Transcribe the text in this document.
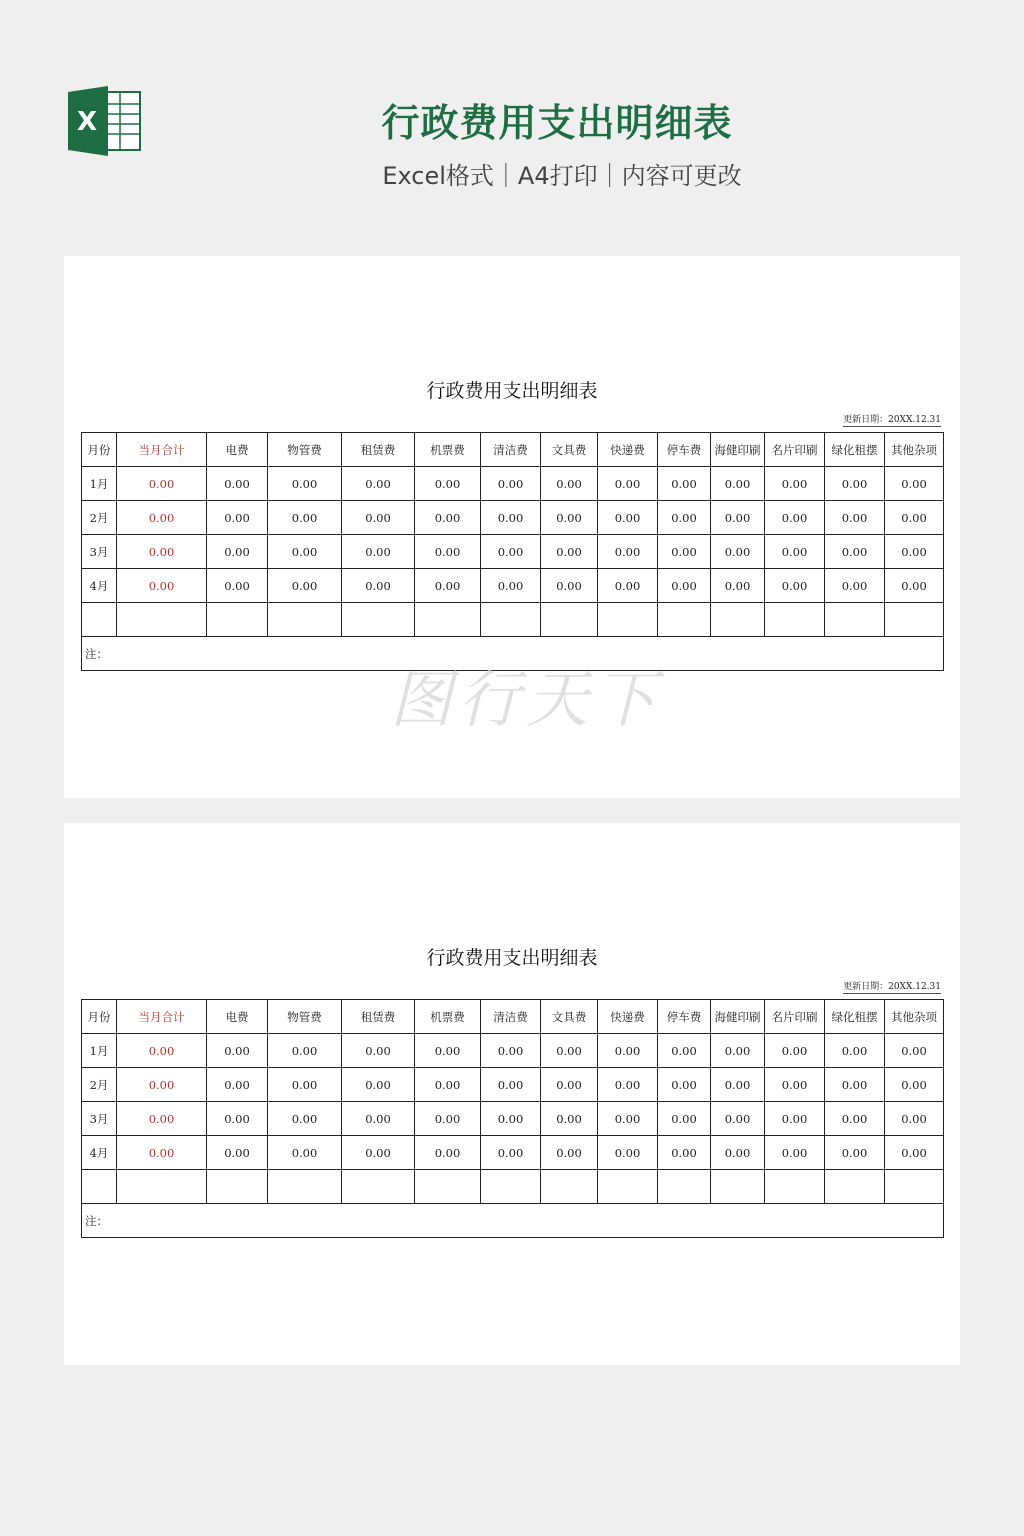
X	行政费用支出明细表
Excel格式｜A4打印｜内容可更改
行政费用支出明细表
更新日期：20XX.12.31
月份	当月合计	电费	物管费	租赁费	机票费	清洁费	文具费	快递费	停车费	海健印刷	名片印刷	绿化租摆	其他杂项
1月	0.00	0.00	0.00	0.00	0.00	0.00	0.00	0.00	0.00	0.00	0.00	0.00	0.00
2月	0.00	0.00	0.00	0.00	0.00	0.00	0.00	0.00	0.00	0.00	0.00	0.00	0.00
3月	0.00	0.00	0.00	0.00	0.00	0.00	0.00	0.00	0.00	0.00	0.00	0.00	0.00
4月	0.00	0.00	0.00	0.00	0.00	0.00	0.00	0.00	0.00	0.00	0.00	0.00	0.00

注：													
行政费用支出明细表
更新日期：20XX.12.31
月份	当月合计	电费	物管费	租赁费	机票费	清洁费	文具费	快递费	停车费	海健印刷	名片印刷	绿化租摆	其他杂项
1月	0.00	0.00	0.00	0.00	0.00	0.00	0.00	0.00	0.00	0.00	0.00	0.00	0.00
2月	0.00	0.00	0.00	0.00	0.00	0.00	0.00	0.00	0.00	0.00	0.00	0.00	0.00
3月	0.00	0.00	0.00	0.00	0.00	0.00	0.00	0.00	0.00	0.00	0.00	0.00	0.00
4月	0.00	0.00	0.00	0.00	0.00	0.00	0.00	0.00	0.00	0.00	0.00	0.00	0.00

注：													
图行天下
